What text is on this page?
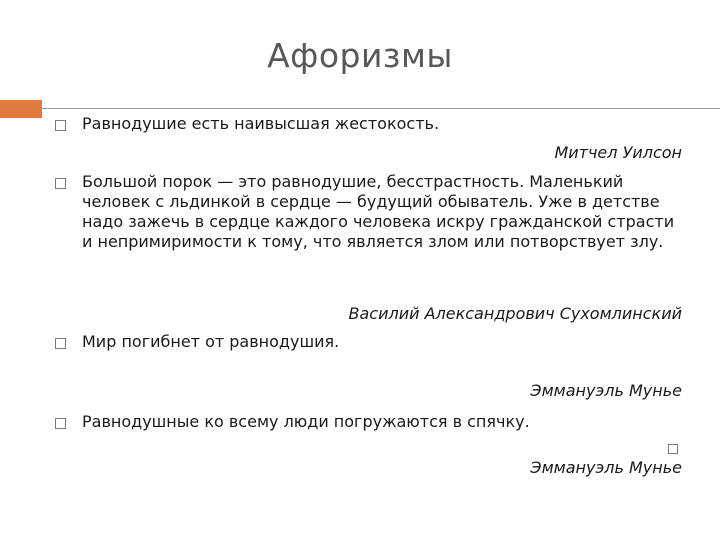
Афоризмы
Равнодушие есть наивысшая жестокость.
Митчел Уилсон
Большой порок — это равнодушие, бесстрастность. Маленький человек с льдинкой в сердце — будущий обыватель. Уже в детстве надо зажечь в сердце каждого человека искру гражданской страсти и непримиримости к тому, что является злом или потворствует злу.
Василий Александрович Сухомлинский
Мир погибнет от равнодушия.
Эммануэль Мунье
Равнодушные ко всему люди погружаются в спячку.
Эммануэль Мунье
